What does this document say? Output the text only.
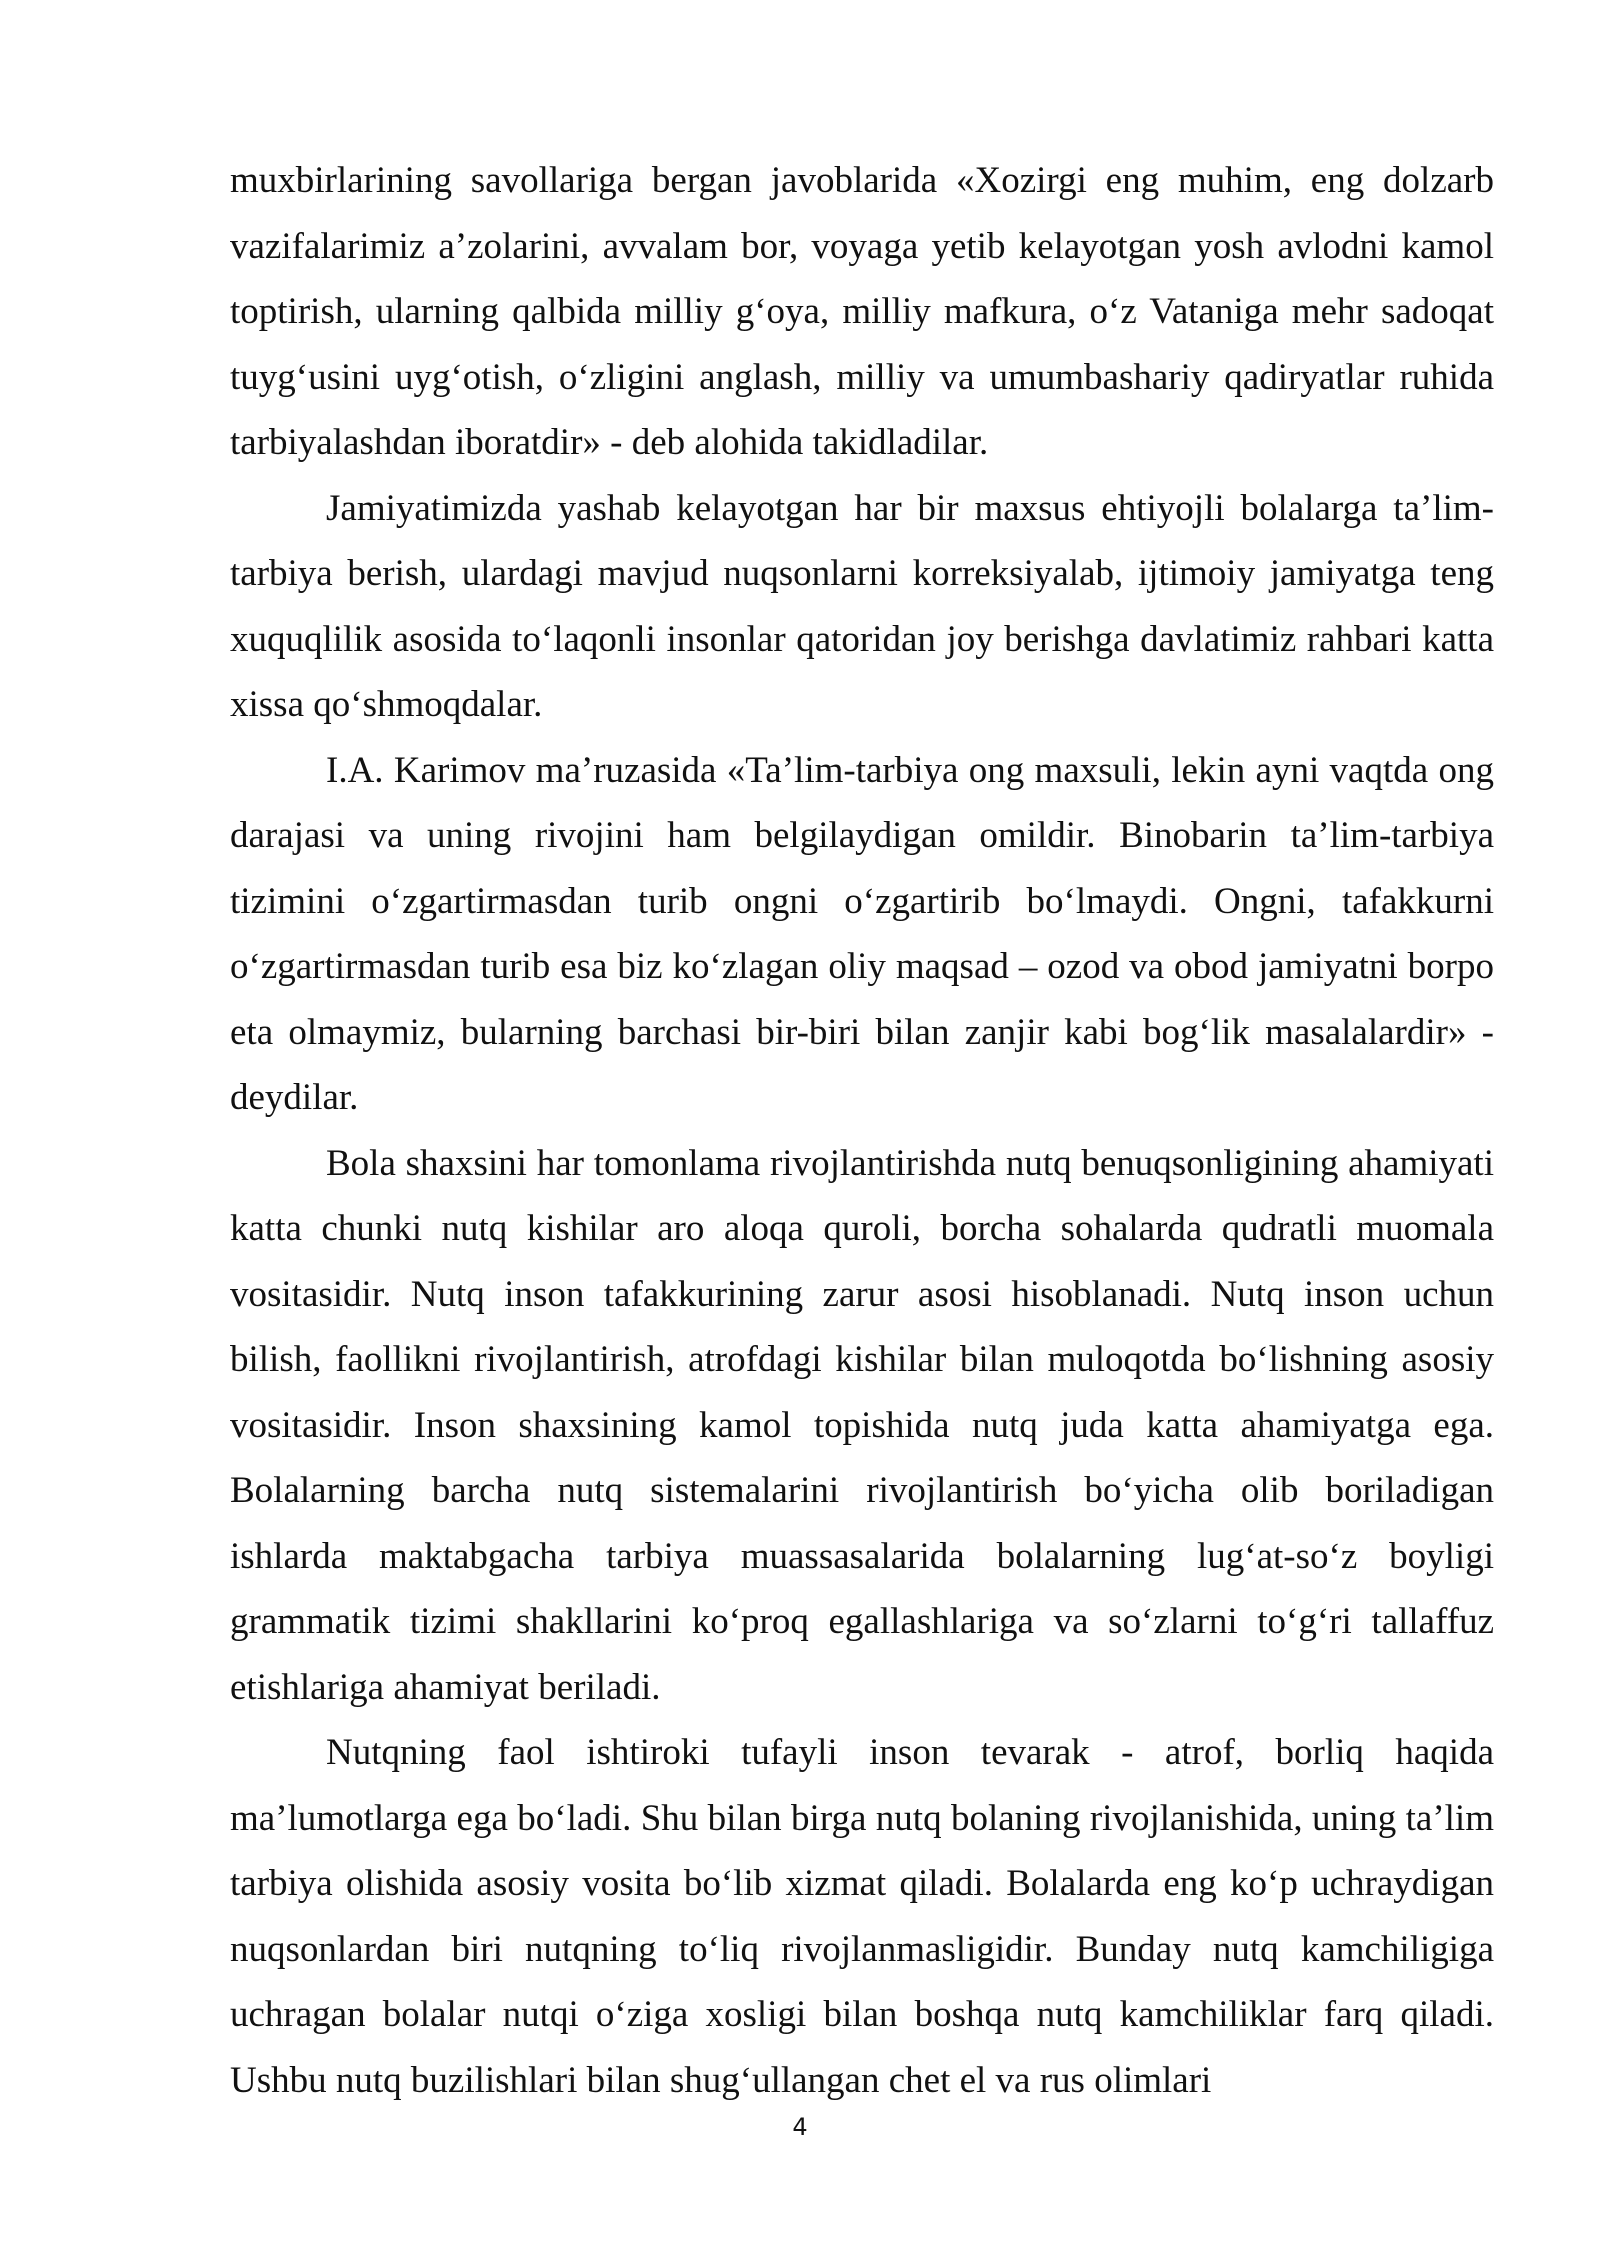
muxbirlarining savollariga bergan javoblarida «Xozirgi eng muhim, eng dolzarb vazifalarimiz a’zolarini, avvalam bor, voyaga yetib kelayotgan yosh avlodni kamol toptirish, ularning qalbida milliy g‘oya, milliy mafkura, o‘z Vataniga mehr sadoqat tuyg‘usini uyg‘otish, o‘zligini anglash, milliy va umumbashariy qadiryatlar ruhida tarbiyalashdan iboratdir» - deb alohida takidladilar.

Jamiyatimizda yashab kelayotgan har bir maxsus ehtiyojli bolalarga ta’lim-tarbiya berish, ulardagi mavjud nuqsonlarni korreksiyalab, ijtimoiy jamiyatga teng xuquqlilik asosida to‘laqonli insonlar qatoridan joy berishga davlatimiz rahbari katta xissa qo‘shmoqdalar.

I.A. Karimov ma’ruzasida «Ta’lim-tarbiya ong maxsuli, lekin ayni vaqtda ong darajasi va uning rivojini ham belgilaydigan omildir. Binobarin ta’lim-tarbiya tizimini o‘zgartirmasdan turib ongni o‘zgartirib bo‘lmaydi. Ongni, tafakkurni o‘zgartirmasdan turib esa biz ko‘zlagan oliy maqsad – ozod va obod jamiyatni borpo eta olmaymiz, bularning barchasi bir-biri bilan zanjir kabi bog‘lik masalalardir» - deydilar.

Bola shaxsini har tomonlama rivojlantirishda nutq benuqsonligining ahamiyati katta chunki nutq kishilar aro aloqa quroli, borcha sohalarda qudratli muomala vositasidir. Nutq inson tafakkurining zarur asosi hisoblanadi. Nutq inson uchun bilish, faollikni rivojlantirish, atrofdagi kishilar bilan muloqotda bo‘lishning asosiy vositasidir. Inson shaxsining kamol topishida nutq juda katta ahamiyatga ega. Bolalarning barcha nutq sistemalarini rivojlantirish bo‘yicha olib boriladigan ishlarda maktabgacha tarbiya muassasalarida bolalarning lug‘at-so‘z boyligi grammatik tizimi shakllarini ko‘proq egallashlariga va so‘zlarni to‘g‘ri tallaffuz etishlariga ahamiyat beriladi.

Nutqning faol ishtiroki tufayli inson tevarak - atrof, borliq haqida ma’lumotlarga ega bo‘ladi. Shu bilan birga nutq bolaning rivojlanishida, uning ta’lim tarbiya olishida asosiy vosita bo‘lib xizmat qiladi. Bolalarda eng ko‘p uchraydigan nuqsonlardan biri nutqning to‘liq rivojlanmasligidir. Bunday nutq kamchiligiga uchragan bolalar nutqi o‘ziga xosligi bilan boshqa nutq kamchiliklar farq qiladi. Ushbu nutq buzilishlari bilan shug‘ullangan chet el va rus olimlari

4
